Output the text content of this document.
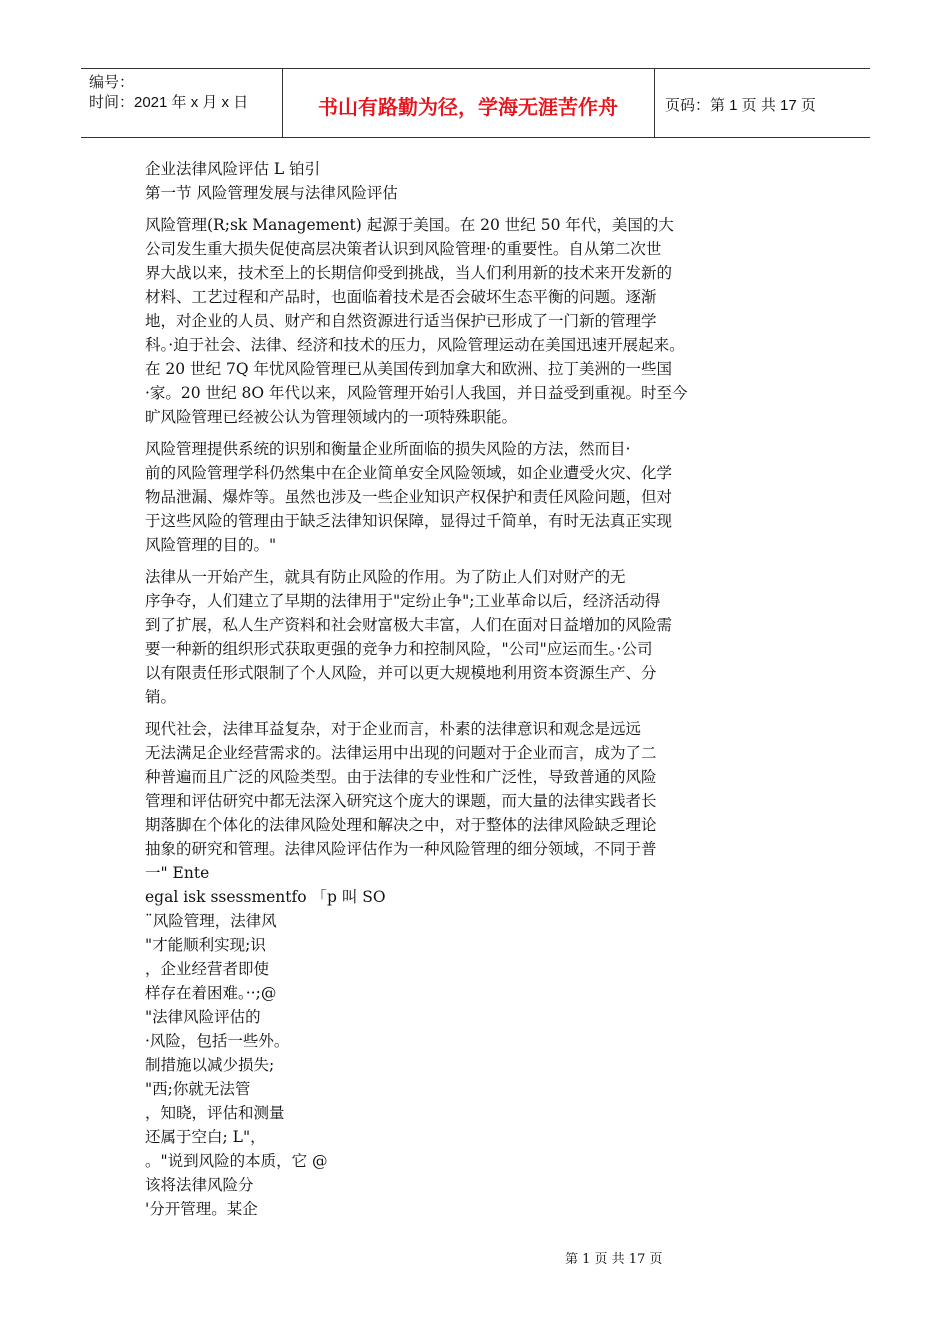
编号：
时间：2021 年 x 月 x 日	书山有路勤为径，学海无涯苦作舟	页码：第 1 页 共 17 页
企业法律风险评估 L 铂引
第一节 风险管理发展与法律风险评估
风险管理(R;sk Management) 起源于美国。在 20 世纪 50 年代，美国的大
公司发生重大损失促使高层决策者认识到风险管理·的重要性。自从第二次世
界大战以来，技术至上的长期信仰受到挑战，当人们利用新的技术来开发新的
材料、工艺过程和产品时，也面临着技术是否会破坏生态平衡的问题。逐渐
地，对企业的人员、财产和自然资源进行适当保护已形成了一门新的管理学
科。·迫于社会、法律、经济和技术的压力，风险管理运动在美国迅速开展起来。
在 20 世纪 7Q 年忧风险管理已从美国传到加拿大和欧洲、拉丁美洲的一些国
·家。20 世纪 8O 年代以来，风险管理开始引人我国，并日益受到重视。时至今
旷风险管理已经被公认为管理领域内的一项特殊职能。
风险管理提供系统的识别和衡量企业所面临的损失风险的方法，然而目·
前的风险管理学科仍然集中在企业简单安全风险领域，如企业遭受火灾、化学
物品泄漏、爆炸等。虽然也涉及一些企业知识产权保护和责任风险问题，但对
于这些风险的管理由于缺乏法律知识保障，显得过千简单，有时无法真正实现
风险管理的目的。"
法律从一开始产生，就具有防止风险的作用。为了防止人们对财产的无
序争夺，人们建立了早期的法律用于"定纷止争";工业革命以后，经济活动得
到了扩展，私人生产资料和社会财富极大丰富，人们在面对日益增加的风险需
要一种新的组织形式获取更强的竞争力和控制风险，"公司"应运而生。·公司
以有限责任形式限制了个人风险，并可以更大规模地利用资本资源生产、分
销。
现代社会，法律耳益复杂，对于企业而言，朴素的法律意识和观念是远远
无法满足企业经营需求的。法律运用中出现的问题对于企业而言，成为了二
种普遍而且广泛的风险类型。由于法律的专业性和广泛性，导致普通的风险
管理和评估研究中都无法深入研究这个庞大的课题，而大量的法律实践者长
期落脚在个体化的法律风险处理和解决之中，对于整体的法律风险缺乏理论
抽象的研究和管理。法律风险评估作为一种风险管理的细分领域，不同于普
一" Ente
egal isk ssessmentfo 「p 叫 SO
¨风险管理，法律风
"才能顺利实现;识
，企业经营者即使
样存在着困难。··;@
"法律风险评估的
·风险，包括一些外。
制措施以减少损失;
"西;你就无法管
，知晓，评估和测量
还属于空白; L"，
。"说到风险的本质，它 @
该将法律风险分
'分开管理。某企
第 1 页 共 17 页
